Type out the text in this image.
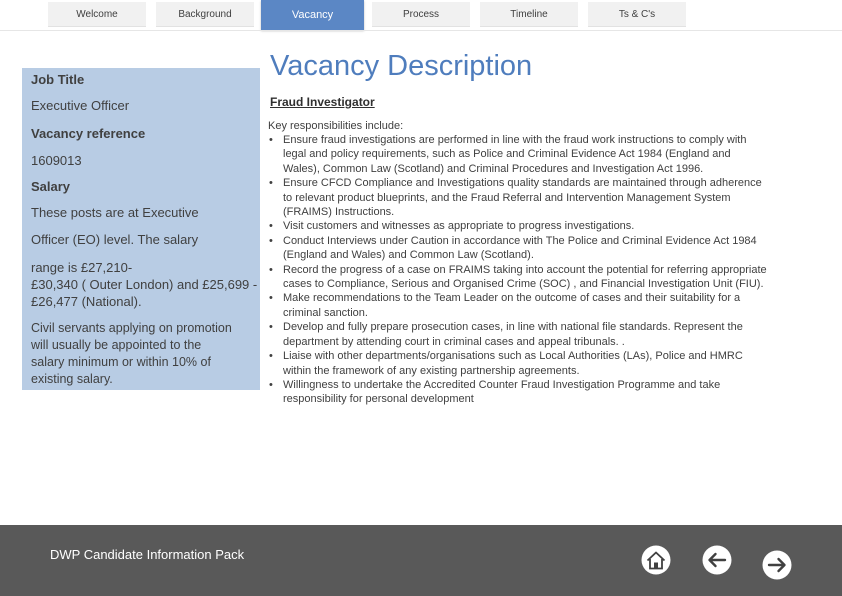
Welcome	Background	Vacancy	Process	Timeline	Ts & C's
Job Title
Executive Officer
Vacancy reference
1609013
Salary
These posts are at Executive
Officer (EO) level. The salary
range is £27,210-
£30,340 ( Outer London) and £25,699 -
£26,477 (National).
Civil servants applying on promotion
will usually be appointed to the
salary minimum or within 10% of
existing salary.
Vacancy Description
Fraud Investigator
Key responsibilities include:
• Ensure fraud investigations are performed in line with the fraud work instructions to comply with
legal and policy requirements, such as Police and Criminal Evidence Act 1984 (England and
Wales), Common Law (Scotland) and Criminal Procedures and Investigation Act 1996.
• Ensure CFCD Compliance and Investigations quality standards are maintained through adherence
to relevant product blueprints, and the Fraud Referral and Intervention Management System
(FRAIMS) Instructions.
• Visit customers and witnesses as appropriate to progress investigations.
• Conduct Interviews under Caution in accordance with The Police and Criminal Evidence Act 1984
(England and Wales) and Common Law (Scotland).
• Record the progress of a case on FRAIMS taking into account the potential for referring appropriate
cases to Compliance, Serious and Organised Crime (SOC) , and Financial Investigation Unit (FIU).
• Make recommendations to the Team Leader on the outcome of cases and their suitability for a
criminal sanction.
• Develop and fully prepare prosecution cases, in line with national file standards. Represent the
department by attending court in criminal cases and appeal tribunals. .
• Liaise with other departments/organisations such as Local Authorities (LAs), Police and HMRC
within the framework of any existing partnership agreements.
• Willingness to undertake the Accredited Counter Fraud Investigation Programme and take
responsibility for personal development
DWP Candidate Information Pack
